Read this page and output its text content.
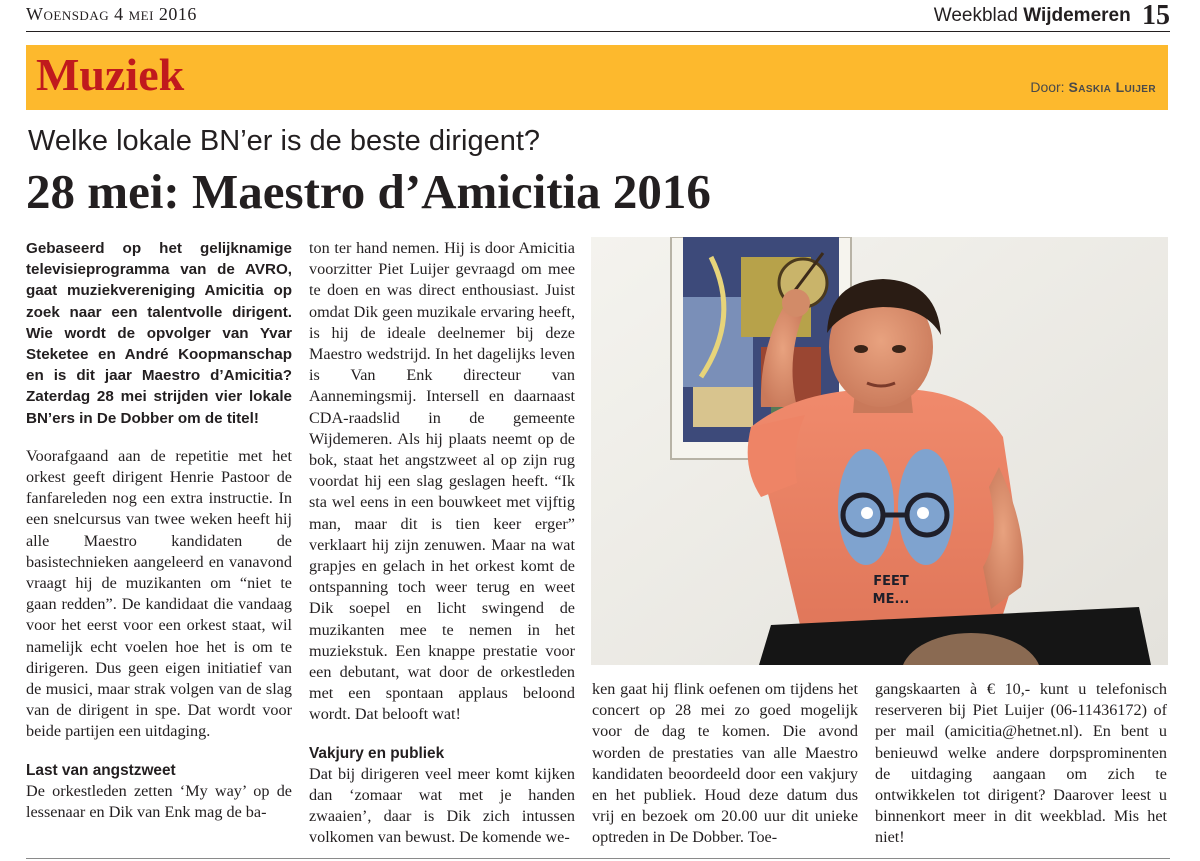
Woensdag 4 mei 2016	Weekblad Wijdemeren 15
Muziek	Door: Saskia Luijer
Welke lokale BN’er is de beste dirigent?
28 mei: Maestro d’Amicitia 2016

Gebaseerd op het gelijknamige televisieprogramma van de AVRO, gaat muziekvereniging Amicitia op zoek naar een talentvolle dirigent. Wie wordt de opvolger van Yvar Steketee en André Koopmanschap en is dit jaar Maestro d’Amicitia? Zaterdag 28 mei strijden vier lokale BN’ers in De Dobber om de titel!

Voorafgaand aan de repetitie met het orkest geeft dirigent Henrie Pastoor de fanfareleden nog een extra instructie. In een snelcursus van twee weken heeft hij alle Maestro kandidaten de basistechnieken aangeleerd en vanavond vraagt hij de muzikanten om “niet te gaan redden”. De kandidaat die vandaag voor het eerst voor een orkest staat, wil namelijk echt voelen hoe het is om te dirigeren. Dus geen eigen initiatief van de musici, maar strak volgen van de slag van de dirigent in spe. Dat wordt voor beide partijen een uitdaging.

Last van angstzweet

De orkestleden zetten ‘My way’ op de lessenaar en Dik van Enk mag de ba-

ton ter hand nemen. Hij is door Amicitia voorzitter Piet Luijer gevraagd om mee te doen en was direct enthousiast. Juist omdat Dik geen muzikale ervaring heeft, is hij de ideale deelnemer bij deze Maestro wedstrijd. In het dagelijks leven is Van Enk directeur van Aannemingsmij. Intersell en daarnaast CDA-raadslid in de gemeente Wijdemeren. Als hij plaats neemt op de bok, staat het angstzweet al op zijn rug voordat hij een slag geslagen heeft. “Ik sta wel eens in een bouwkeet met vijftig man, maar dit is tien keer erger” verklaart hij zijn zenuwen. Maar na wat grapjes en gelach in het orkest komt de ontspanning toch weer terug en weet Dik soepel en licht swingend de muzikanten mee te nemen in het muziekstuk. Een knappe prestatie voor een debutant, wat door de orkestleden met een spontaan applaus beloond wordt. Dat belooft wat!

Vakjury en publiek

Dat bij dirigeren veel meer komt kijken dan ‘zomaar wat met je handen zwaaien’, daar is Dik zich intussen volkomen van bewust. De komende we-

FEET
ME...

ken gaat hij flink oefenen om tijdens het concert op 28 mei zo goed mogelijk voor de dag te komen. Die avond worden de prestaties van alle Maestro kandidaten beoordeeld door een vakjury en het publiek. Houd deze datum dus vrij en bezoek om 20.00 uur dit unieke optreden in De Dobber. Toe-

gangskaarten à € 10,- kunt u telefonisch reserveren bij Piet Luijer (06-11436172) of per mail (amicitia@hetnet.nl). En bent u benieuwd welke andere dorpsprominenten de uitdaging aangaan om zich te ontwikkelen tot dirigent? Daarover leest u binnenkort meer in dit weekblad. Mis het niet!
